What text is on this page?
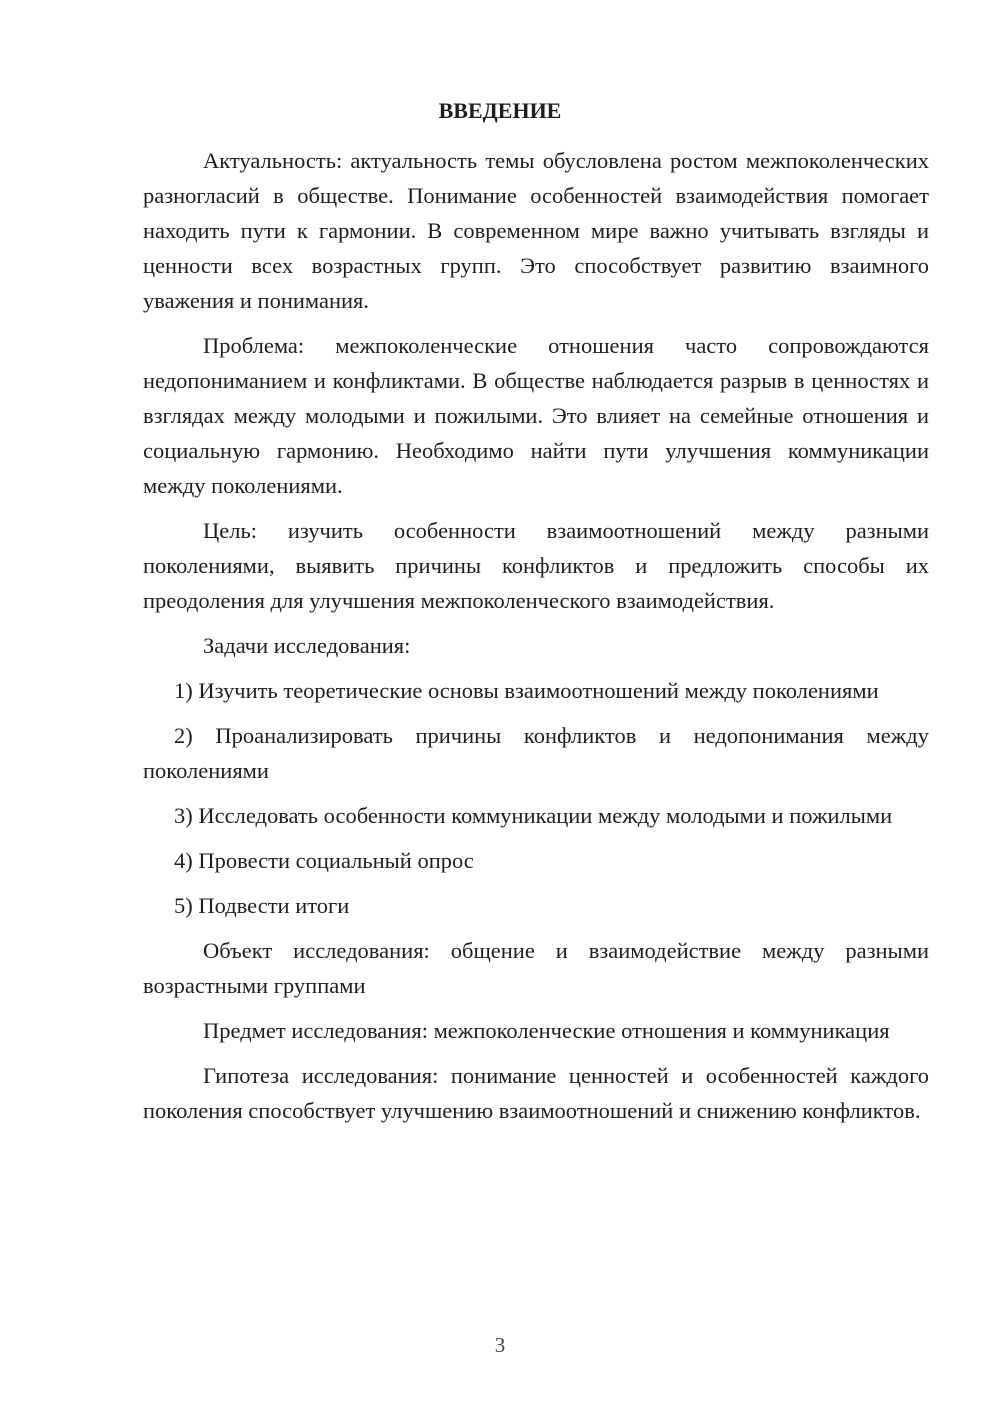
ВВЕДЕНИЕ

Актуальность: актуальность темы обусловлена ростом межпоколенческих разногласий в обществе. Понимание особенностей взаимодействия помогает находить пути к гармонии. В современном мире важно учитывать взгляды и ценности всех возрастных групп. Это способствует развитию взаимного уважения и понимания.

Проблема: межпоколенческие отношения часто сопровождаются недопониманием и конфликтами. В обществе наблюдается разрыв в ценностях и взглядах между молодыми и пожилыми. Это влияет на семейные отношения и социальную гармонию. Необходимо найти пути улучшения коммуникации между поколениями.

Цель: изучить особенности взаимоотношений между разными поколениями, выявить причины конфликтов и предложить способы их преодоления для улучшения межпоколенческого взаимодействия.

Задачи исследования:

1) Изучить теоретические основы взаимоотношений между поколениями

2) Проанализировать причины конфликтов и недопонимания между поколениями

3) Исследовать особенности коммуникации между молодыми и пожилыми

4) Провести социальный опрос

5) Подвести итоги

Объект исследования: общение и взаимодействие между разными возрастными группами

Предмет исследования: межпоколенческие отношения и коммуникация

Гипотеза исследования: понимание ценностей и особенностей каждого поколения способствует улучшению взаимоотношений и снижению конфликтов.

3
